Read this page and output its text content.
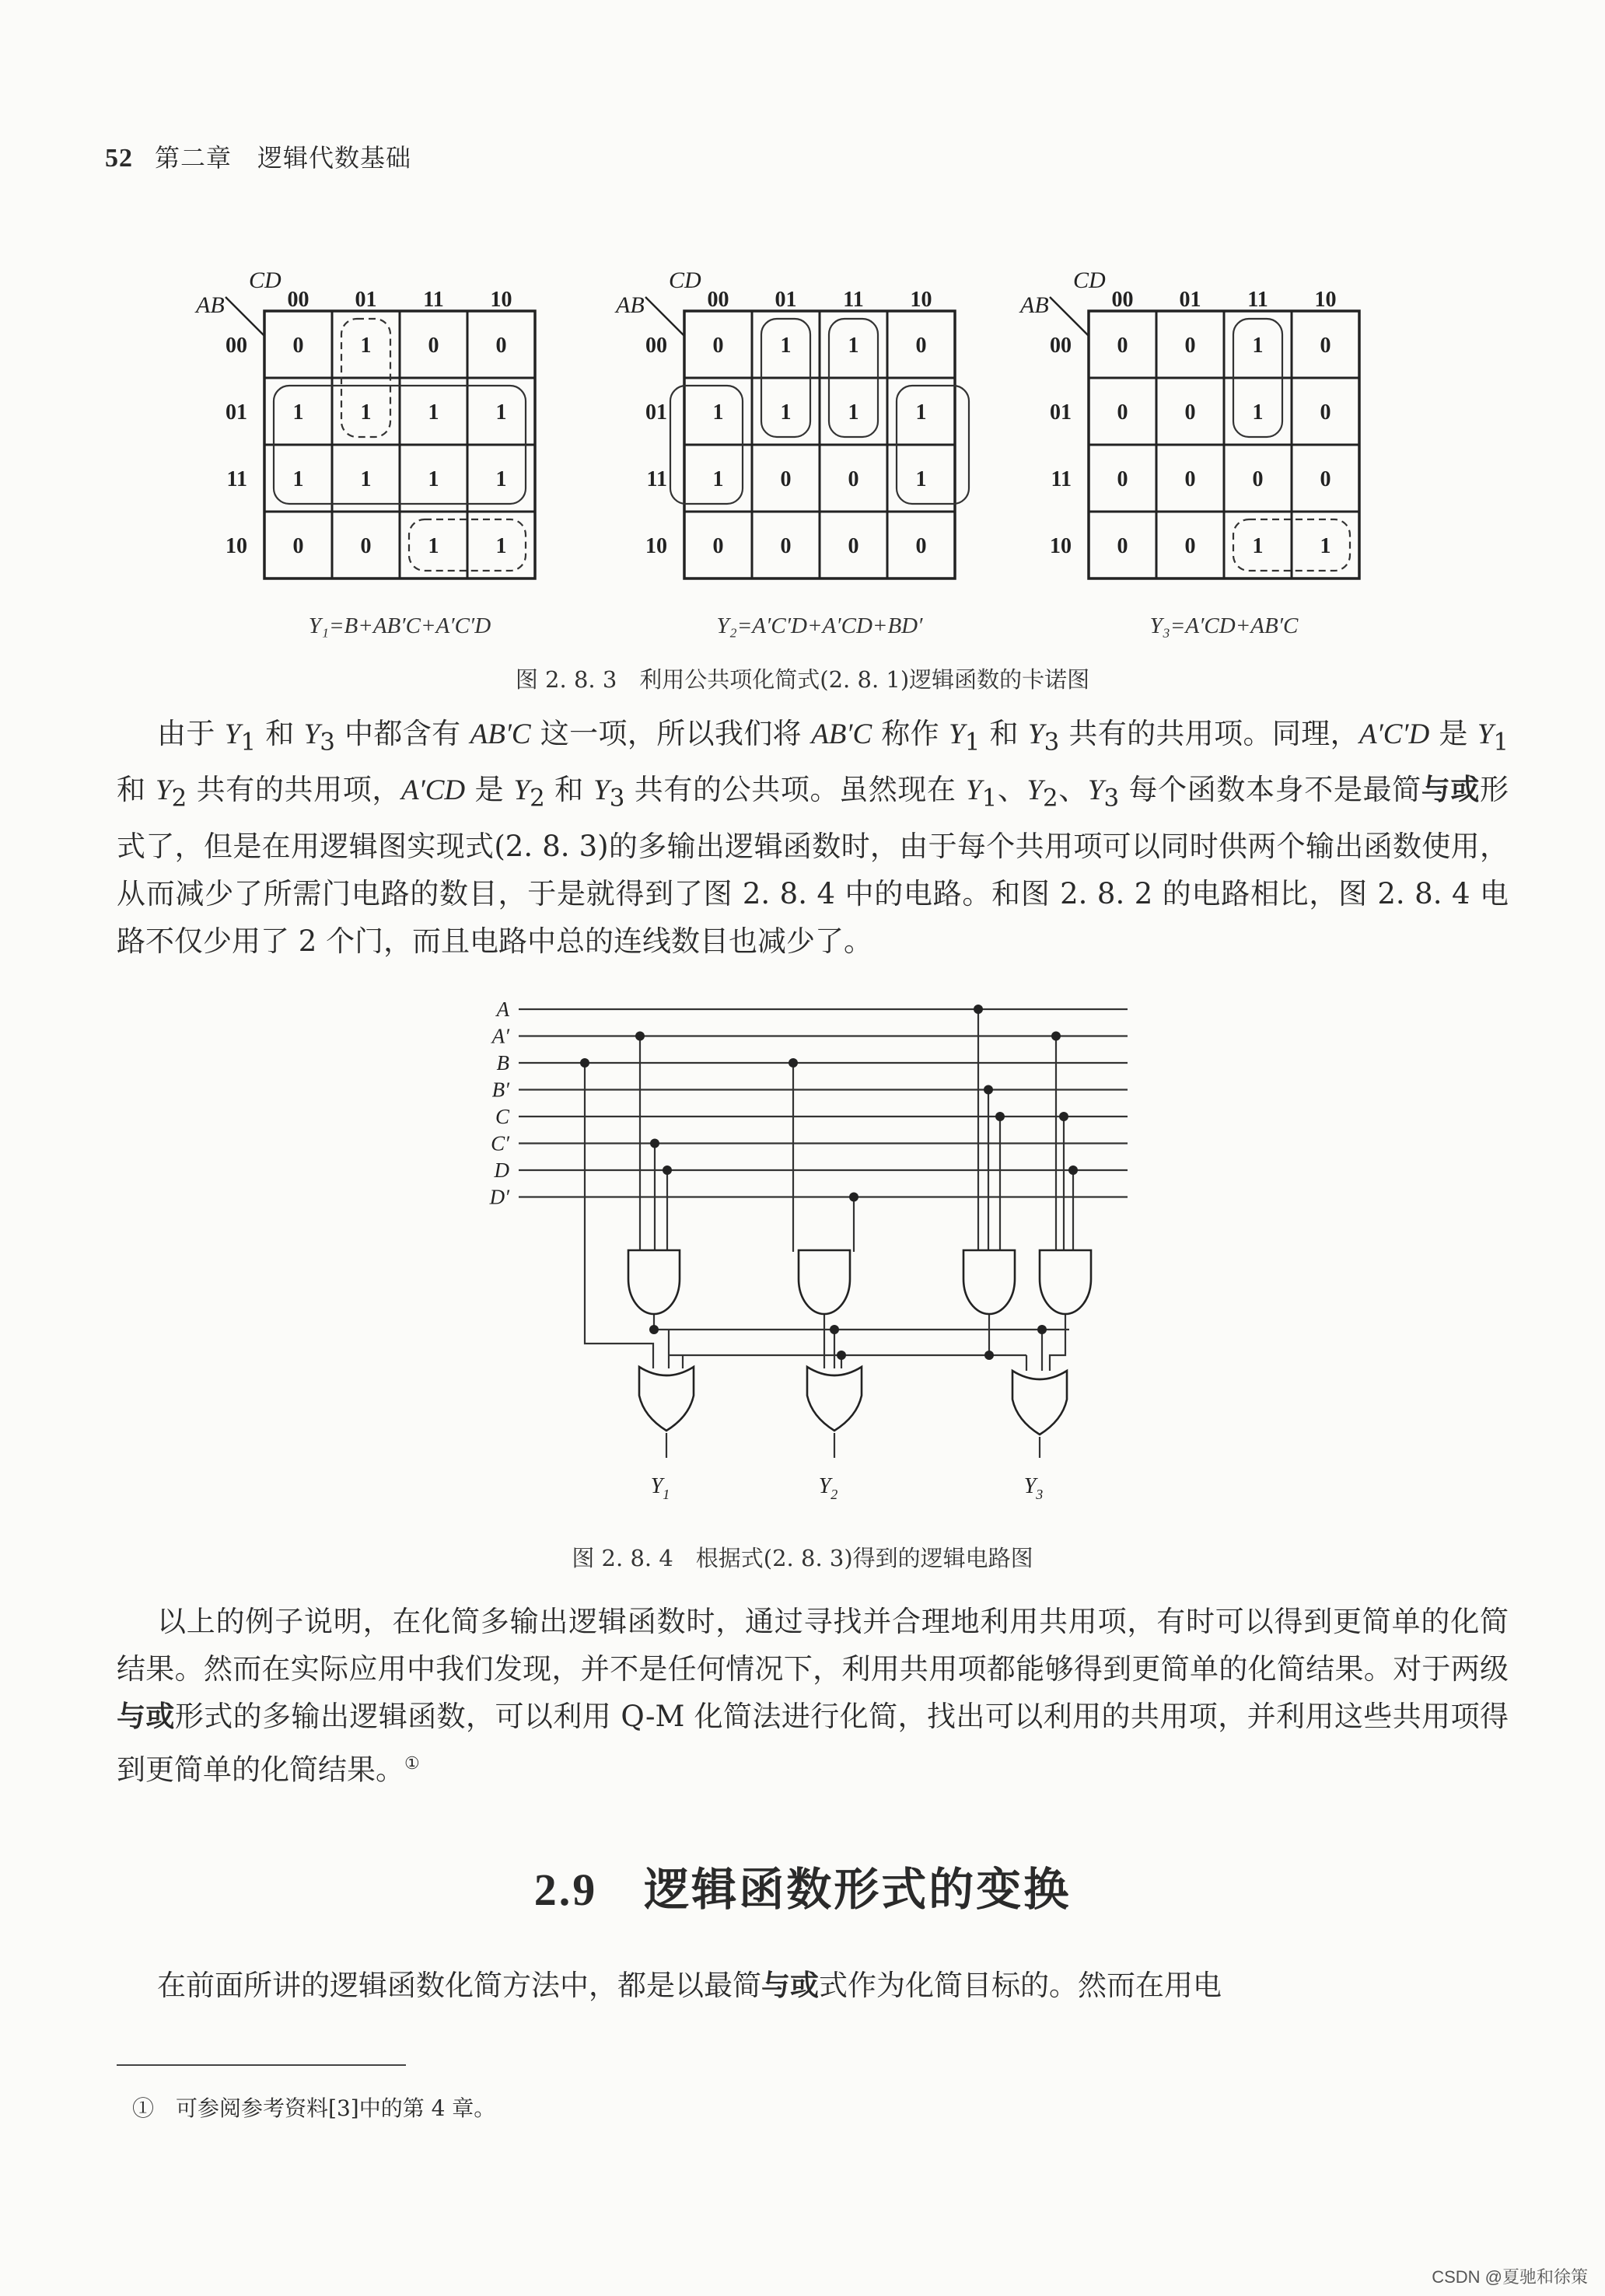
52 第二章　逻辑代数基础
CD
AB	00 01 11 10
00
01
11
10
0	1	0	0
1	1	1	1
1	1	1	1
0	0	1	1
Y₁=B+AB′C+A′C′D
CD
AB	00 01 11 10
00
01
11
10
0	1	1	0
1	1	1	1
1	0	0	1
0	0	0	0
Y₂=A′C′D+A′CD+BD′
CD
AB	00 01 11 10
00
01
11
10
0	0	1	0
0	0	1	0
0	0	0	0
0	0	1	1
Y₃=A′CD+AB′C
图 2. 8. 3　利用公共项化简式(2. 8. 1)逻辑函数的卡诺图
由于 $Y_1$ 和 $Y_3$ 中都含有 AB′C 这一项，所以我们将 AB′C 称作 $Y_1$ 和 $Y_3$ 共有的共用项。同理，A′C′D 是 $Y_1$ 和 $Y_2$ 共有的共用项，A′CD 是 $Y_2$ 和 $Y_3$ 共有的公共项。虽然现在 $Y_1$、$Y_2$、$Y_3$ 每个函数本身不是最简与或形式了，但是在用逻辑图实现式(2. 8. 3)的多输出逻辑函数时，由于每个共用项可以同时供两个输出函数使用，从而减少了所需门电路的数目，于是就得到了图 2. 8. 4 中的电路。和图 2. 8. 2 的电路相比，图 2. 8. 4 电路不仅少用了 2 个门，而且电路中总的连线数目也减少了。
A
A′
B
B′
C
C′
D
D′
$Y_1$	$Y_2$	$Y_3$
图 2. 8. 4　根据式(2. 8. 3)得到的逻辑电路图
以上的例子说明，在化简多输出逻辑函数时，通过寻找并合理地利用共用项，有时可以得到更简单的化简结果。然而在实际应用中我们发现，并不是任何情况下，利用共用项都能够得到更简单的化简结果。对于两级与或形式的多输出逻辑函数，可以利用 Q-M 化简法进行化简，找出可以利用的共用项，并利用这些共用项得到更简单的化简结果。①
2.9 逻辑函数形式的变换
在前面所讲的逻辑函数化简方法中，都是以最简与或式作为化简目标的。然而在用电
①　 可参阅参考资料[3]中的第 4 章。
CSDN @夏驰和徐策
